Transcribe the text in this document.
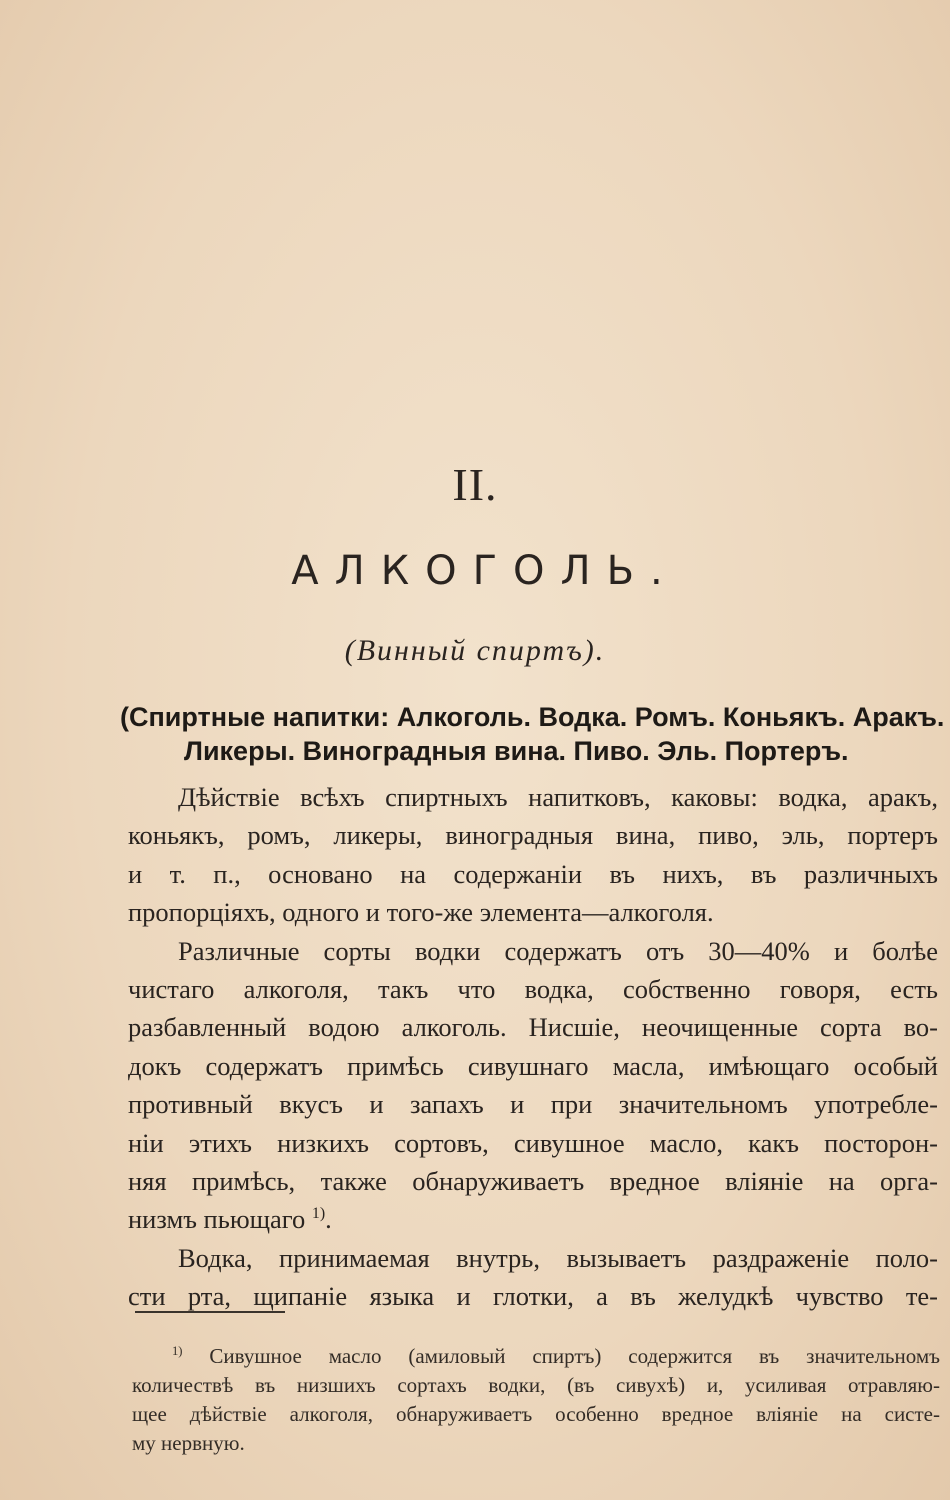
II.
АЛКОГОЛЬ.
(Винный спиртъ).
(Спиртные напитки: Алкоголь. Водка. Ромъ. Коньякъ. Аракъ.
Ликеры. Виноградныя вина. Пиво. Эль. Портеръ.
Дѣйствiе всѣхъ спиртныхъ напитковъ, каковы: водка, аракъ,
коньякъ, ромъ, ликеры, виноградныя вина, пиво, эль, портеръ
и т. п., основано на содержанiи въ нихъ, въ различныхъ
пропорцiяхъ, одного и того-же элемента—алкоголя.
Различные сорты водки содержатъ отъ 30—40% и болѣе
чистаго алкоголя, такъ что водка, собственно говоря, есть
разбавленный водою алкоголь. Нисшiе, неочищенные сорта во-
докъ содержатъ примѣсь сивушнаго масла, имѣющаго особый
противный вкусъ и запахъ и при значительномъ употребле-
нiи этихъ низкихъ сортовъ, сивушное масло, какъ посторон-
няя примѣсь, также обнаруживаетъ вредное влiянiе на орга-
низмъ пьющаго $^{1)}$.
Водка, принимаемая внутрь, вызываетъ раздраженiе поло-
сти рта, щипанiе языка и глотки, а въ желудкѣ чувство те-
$^{1)}$ Сивушное масло (амиловый спиртъ) содержится въ значительномъ
количествѣ въ низшихъ сортахъ водки, (въ сивухѣ) и, усиливая отравляю-
щее дѣйствiе алкоголя, обнаруживаетъ особенно вредное влiянiе на систе-
му нервную.
